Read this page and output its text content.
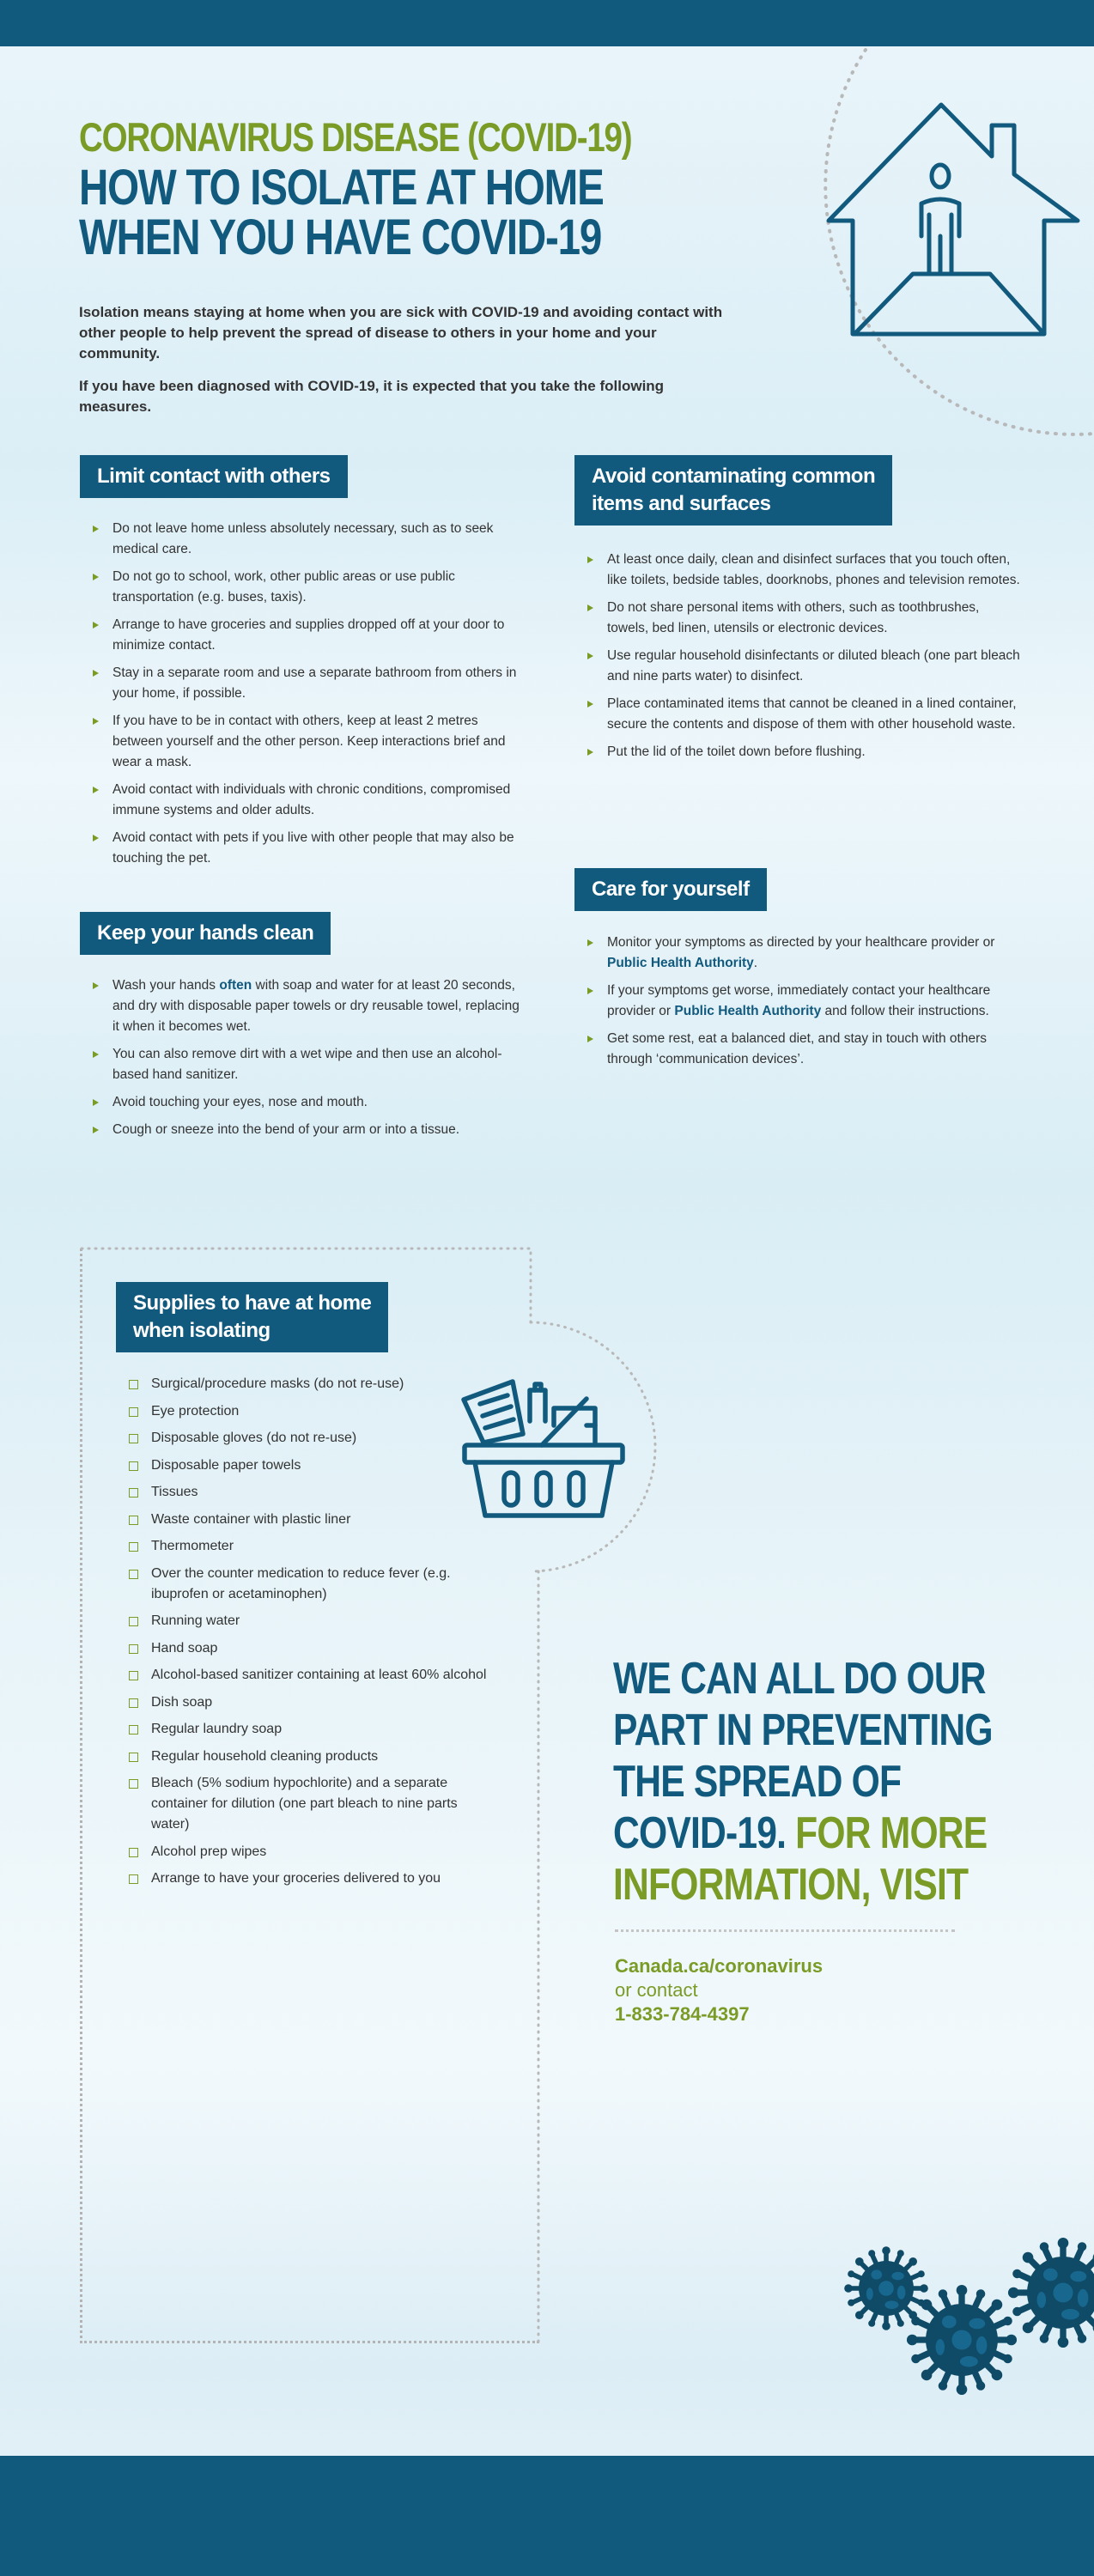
CORONAVIRUS DISEASE (COVID-19)
HOW TO ISOLATE AT HOME
WHEN YOU HAVE COVID-19

Isolation means staying at home when you are sick with COVID-19 and avoiding contact with other people to help prevent the spread of disease to others in your home and your community.

If you have been diagnosed with COVID-19, it is expected that you take the following measures.

Limit contact with others
Do not leave home unless absolutely necessary, such as to seek medical care.
Do not go to school, work, other public areas or use public transportation (e.g. buses, taxis).
Arrange to have groceries and supplies dropped off at your door to minimize contact.
Stay in a separate room and use a separate bathroom from others in your home, if possible.
If you have to be in contact with others, keep at least 2 metres between yourself and the other person. Keep interactions brief and wear a mask.
Avoid contact with individuals with chronic conditions, compromised immune systems and older adults.
Avoid contact with pets if you live with other people that may also be touching the pet.
Avoid contaminating common
items and surfaces
At least once daily, clean and disinfect surfaces that you touch often, like toilets, bedside tables, doorknobs, phones and television remotes.
Do not share personal items with others, such as toothbrushes, towels, bed linen, utensils or electronic devices.
Use regular household disinfectants or diluted bleach (one part bleach and nine parts water) to disinfect.
Place contaminated items that cannot be cleaned in a lined container, secure the contents and dispose of them with other household waste.
Put the lid of the toilet down before flushing.
Keep your hands clean
Wash your hands often with soap and water for at least 20 seconds, and dry with disposable paper towels or dry reusable towel, replacing it when it becomes wet.
You can also remove dirt with a wet wipe and then use an alcohol-based hand sanitizer.
Avoid touching your eyes, nose and mouth.
Cough or sneeze into the bend of your arm or into a tissue.
Care for yourself
Monitor your symptoms as directed by your healthcare provider or Public Health Authority.
If your symptoms get worse, immediately contact your healthcare provider or Public Health Authority and follow their instructions.
Get some rest, eat a balanced diet, and stay in touch with others through ‘communication devices’.
Supplies to have at home
when isolating
Surgical/procedure masks (do not re-use)
Eye protection
Disposable gloves (do not re-use)
Disposable paper towels
Tissues
Waste container with plastic liner
Thermometer
Over the counter medication to reduce fever (e.g. ibuprofen or acetaminophen)
Running water
Hand soap
Alcohol-based sanitizer containing at least 60% alcohol
Dish soap
Regular laundry soap
Regular household cleaning products
Bleach (5% sodium hypochlorite) and a separate container for dilution (one part bleach to nine parts water)
Alcohol prep wipes
Arrange to have your groceries delivered to you
WE CAN ALL DO OUR
PART IN PREVENTING
THE SPREAD OF
COVID-19. FOR MORE
INFORMATION, VISIT
Canada.ca/coronavirus
or contact
1-833-784-4397
